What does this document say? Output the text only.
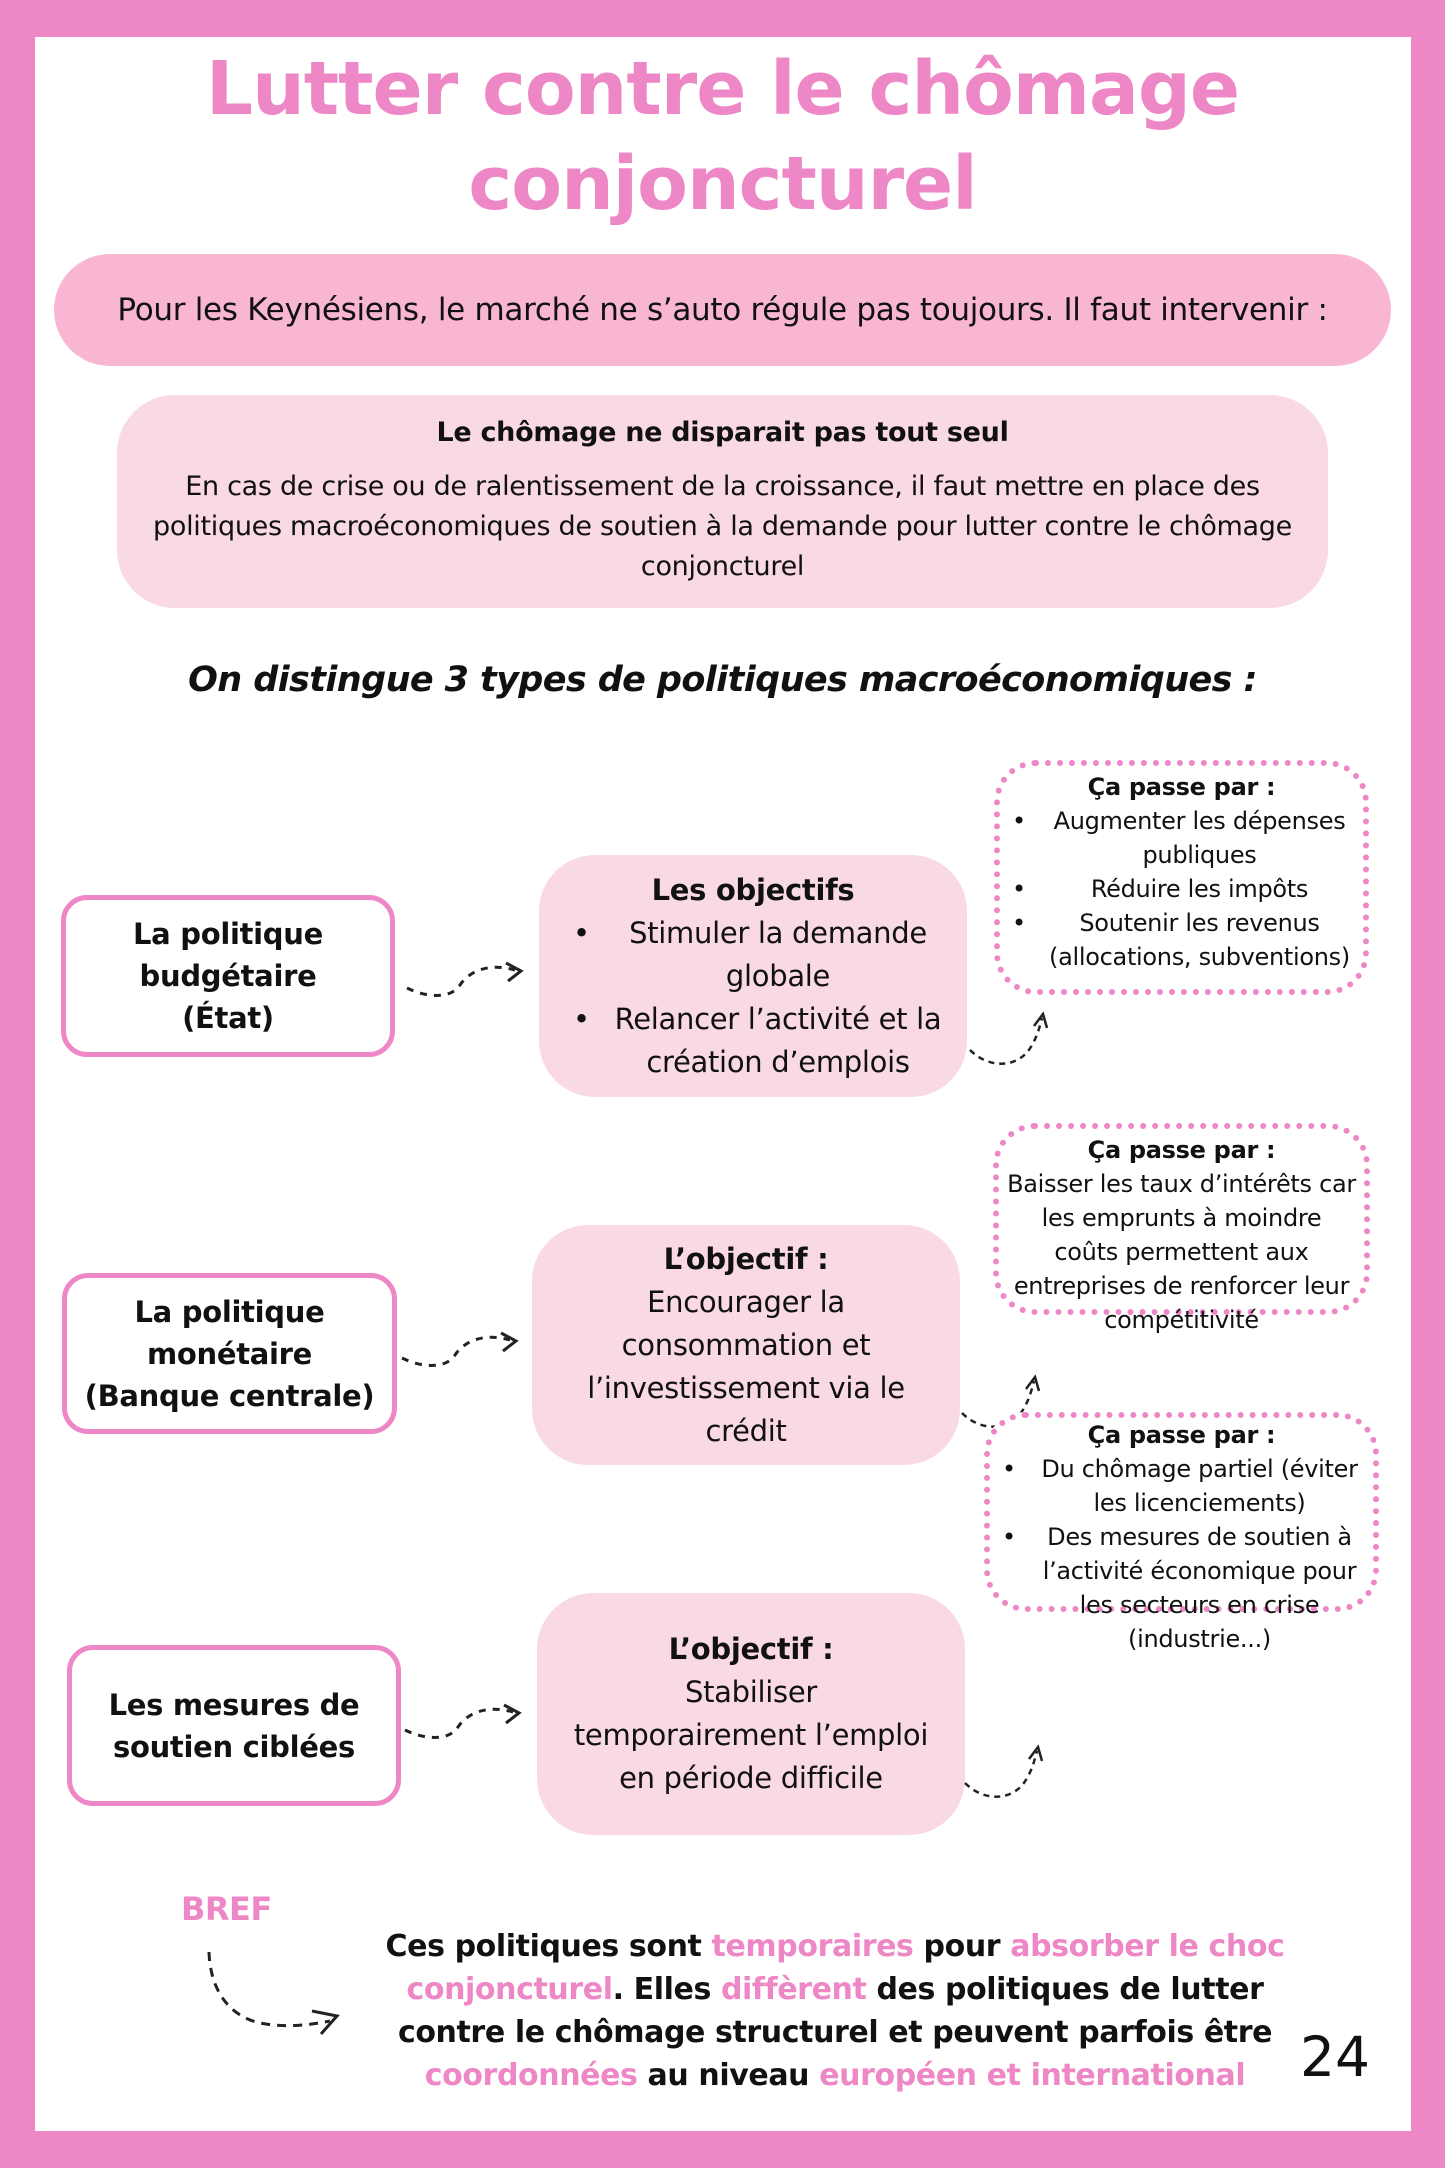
Lutter contre le chômage
conjoncturel
Pour les Keynésiens, le marché ne s’auto régule pas toujours. Il faut intervenir :
Le chômage ne disparait pas tout seul
En cas de crise ou de ralentissement de la croissance, il faut mettre en place des politiques macroéconomiques de soutien à la demande pour lutter contre le chômage conjoncturel
On distingue 3 types de politiques macroéconomiques :
La politique
budgétaire
(État)
Les objectifs
• Stimuler la demande globale
• Relancer l’activité et la création d’emplois
Ça passe par :
• Augmenter les dépenses publiques
•	Réduire les impôts
• Soutenir les revenus (allocations, subventions)
La politique
monétaire
(Banque centrale)
L’objectif :
Encourager la consommation et l’investissement via le crédit
Ça passe par :
Baisser les taux d’intérêts car les emprunts à moindre coûts permettent aux entreprises de renforcer leur compétitivité
Les mesures de
soutien ciblées
L’objectif :
Stabiliser temporairement l’emploi en période difficile
Ça passe par :
• Du chômage partiel (éviter les licenciements)
• Des mesures de soutien à l’activité économique pour les secteurs en crise (industrie...)
BREF
Ces politiques sont temporaires pour absorber le choc conjoncturel. Elles diffèrent des politiques de lutter contre le chômage structurel et peuvent parfois être coordonnées au niveau européen et international 24
